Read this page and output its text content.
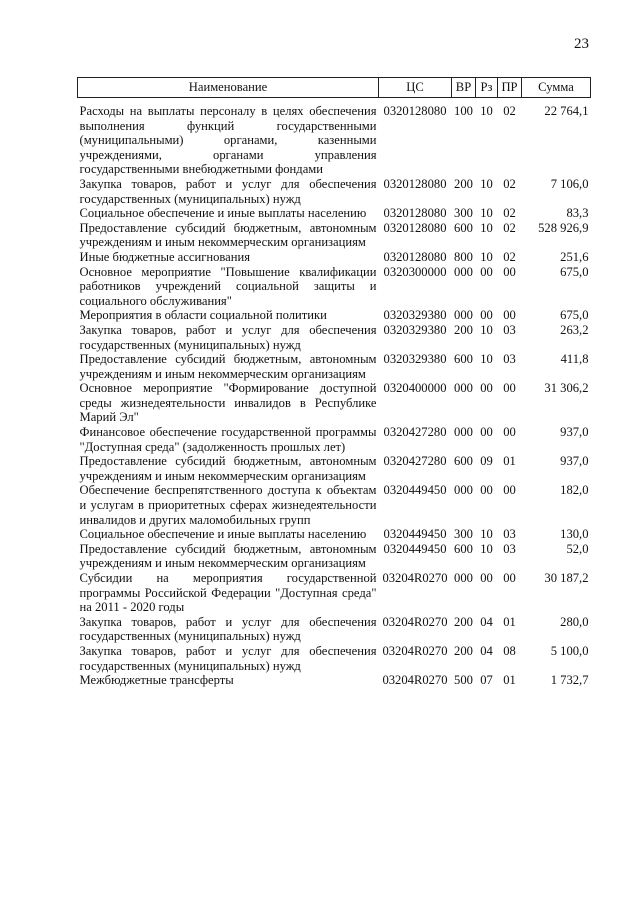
23
Наименование	ЦС	ВР	Рз	ПР	Сумма

Расходы на выплаты персоналу в целях обеспечения выполнения функций государственными (муниципальными) органами, казенными учреждениями, органами управления государственными внебюджетными фондами	0320128080	100	10	02	22 764,1
Закупка товаров, работ и услуг для обеспечения государственных (муниципальных) нужд	0320128080	200	10	02	7 106,0
Социальное обеспечение и иные выплаты населению	0320128080	300	10	02	83,3
Предоставление субсидий бюджетным, автономным учреждениям и иным некоммерческим организациям	0320128080	600	10	02	528 926,9
Иные бюджетные ассигнования	0320128080	800	10	02	251,6
Основное мероприятие "Повышение квалификации работников учреждений социальной защиты и социального обслуживания"	0320300000	000	00	00	675,0
Мероприятия в области социальной политики	0320329380	000	00	00	675,0
Закупка товаров, работ и услуг для обеспечения государственных (муниципальных) нужд	0320329380	200	10	03	263,2
Предоставление субсидий бюджетным, автономным учреждениям и иным некоммерческим организациям	0320329380	600	10	03	411,8
Основное мероприятие "Формирование доступной среды жизнедеятельности инвалидов в Республике Марий Эл"	0320400000	000	00	00	31 306,2
Финансовое обеспечение государственной программы "Доступная среда" (задолженность прошлых лет)	0320427280	000	00	00	937,0
Предоставление субсидий бюджетным, автономным учреждениям и иным некоммерческим организациям	0320427280	600	09	01	937,0
Обеспечение беспрепятственного доступа к объектам и услугам в приоритетных сферах жизнедеятельности инвалидов и других маломобильных групп	0320449450	000	00	00	182,0
Социальное обеспечение и иные выплаты населению	0320449450	300	10	03	130,0
Предоставление субсидий бюджетным, автономным учреждениям и иным некоммерческим организациям	0320449450	600	10	03	52,0
Субсидии на мероприятия государственной программы Российской Федерации "Доступная среда" на 2011 - 2020 годы	03204R0270	000	00	00	30 187,2
Закупка товаров, работ и услуг для обеспечения государственных (муниципальных) нужд	03204R0270	200	04	01	280,0
Закупка товаров, работ и услуг для обеспечения государственных (муниципальных) нужд	03204R0270	200	04	08	5 100,0
Межбюджетные трансферты	03204R0270	500	07	01	1 732,7
